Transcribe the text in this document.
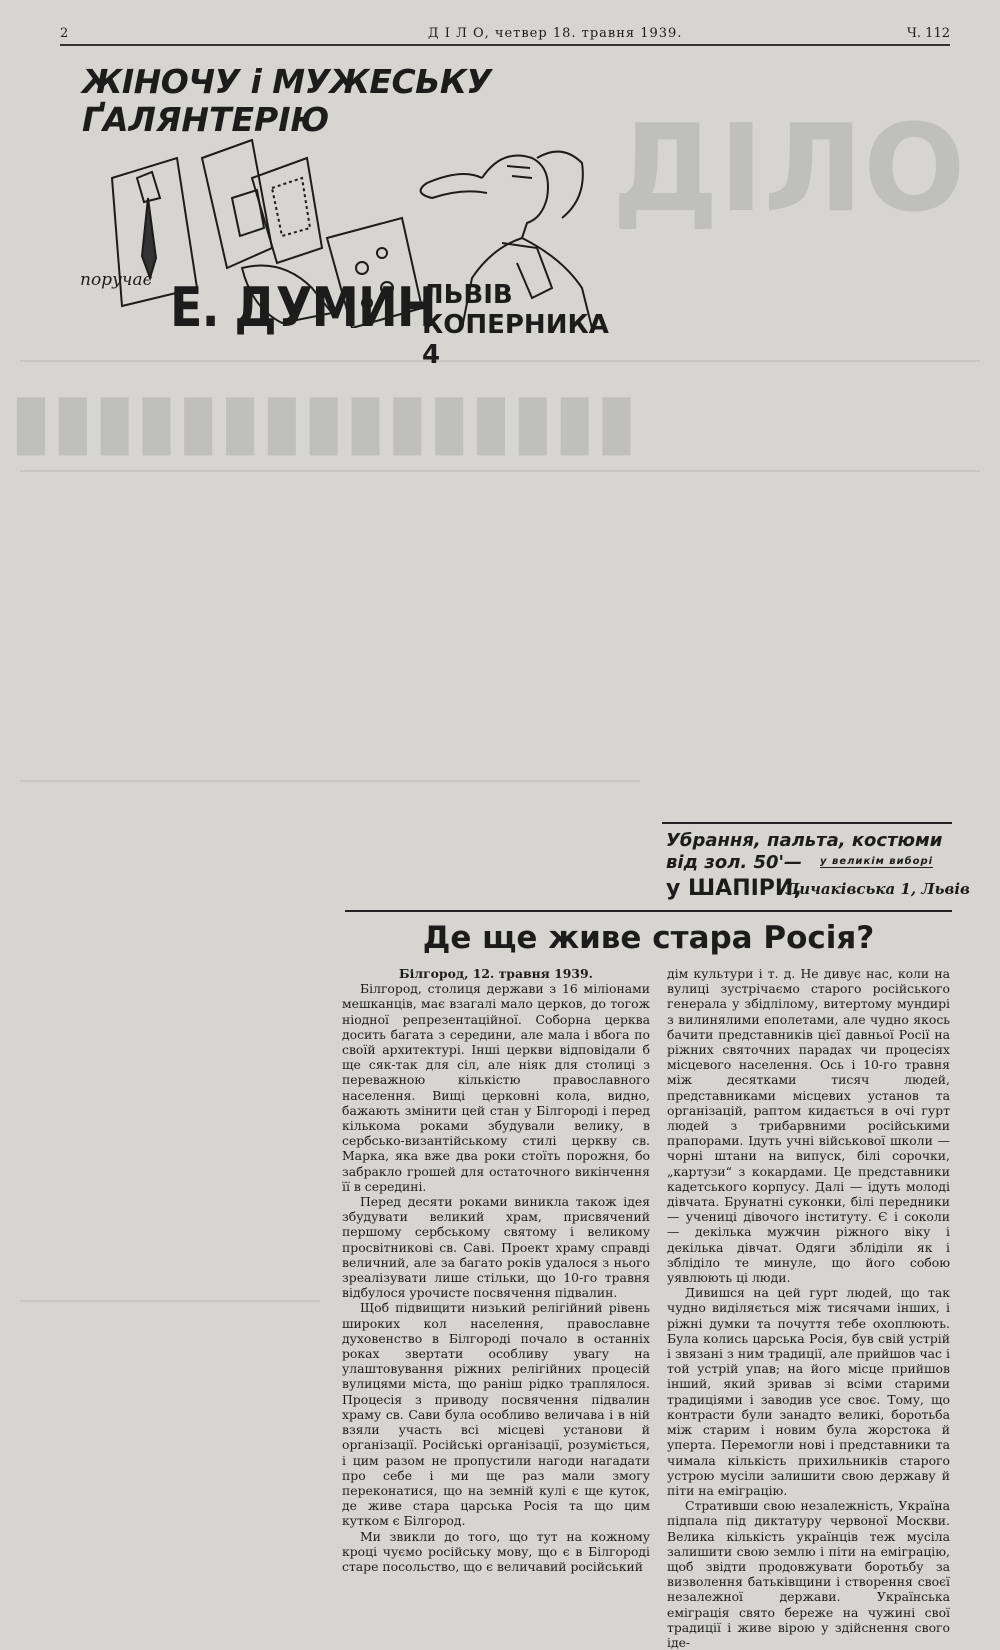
ДІЛО
▮▮▮▮▮▮▮▮▮▮▮▮▮▮▮
2	Д І Л О, четвер 18. травня 1939.	Ч. 112
ЖІНОЧУ і МУЖЕСЬКУ
ҐАЛЯНТЕРІЮ
поручає Е. ДУМИН
ЛЬВІВ
КОПЕРНИКА 4
Убрання, пальта, костюми
від зол. 50'— у великім виборі
у ШАПІРИ,
Личаківська 1, Львів
Де ще живе стара Росія?
Білгород, 12. травня 1939.

Білгород, столиця держави з 16 міліонами мешканців, має взагалі мало церков, до тогож ніодної репрезентаційної. Соборна церква досить багата з середини, але мала і вбога по своїй архитектурі. Інші церкви відповідали б ще сяк-так для сіл, але ніяк для столиці з переважною кількістю православного населення. Вищі церковні кола, видно, бажають змінити цей стан у Білгороді і перед кількома роками збудували велику, в сербсько-византійському стилі церкву св. Марка, яка вже два роки стоїть порожня, бо забракло грошей для остаточного викінчення її в середині.

Перед десяти роками виникла також ідея збудувати великий храм, присвячений першому сербському святому і великому просвітникові св. Саві. Проект храму справді величний, але за багато років удалося з нього зреалізувати лише стільки, що 10-го травня відбулося урочисте посвячення підвалин.

Щоб підвищити низький релігійний рівень широких кол населення, православне духовенство в Білгороді почало в останніх роках звертати особливу увагу на улаштовування ріжних релігійних процесій вулицями міста, що раніш рідко траплялося. Процесія з приводу посвячення підвалин храму св. Сави була особливо величава і в ній взяли участь всі місцеві установи й організації. Російські організації, розуміється, і цим разом не пропустили нагоди нагадати про себе і ми ще раз мали змогу переконатися, що на земній кулі є ще куток, де живе стара царська Росія та що цим кутком є Білгород.

Ми звикли до того, що тут на кожному кроці чуємо російську мову, що є в Білгороді старе посольство, що є величавий російський

дім культури і т. д. Не дивує нас, коли на вулиці зустрічаємо старого російського генерала у збідлілому, витертому мундирі з вилинялими еполетами, але чудно якось бачити представників цієї давньої Росії на ріжних святочних парадах чи процесіях місцевого населення. Ось і 10-го травня між десятками тисяч людей, представниками місцевих установ та організацій, раптом кидається в очі гурт людей з трибарвними російськими прапорами. Ідуть учні військової школи — чорні штани на випуск, білі сорочки, „картузи“ з кокардами. Це представники кадетського корпусу. Далі — ідуть молоді дівчата. Брунатні суконки, білі передники — учениці дівочого інституту. Є і соколи — декілька мужчин ріжного віку і декілька дівчат. Одяги збліділи як і збліділо те минуле, що його собою уявлюють ці люди.

Дивишся на цей гурт людей, що так чудно виділяється між тисячами інших, і ріжні думки та почуття тебе охоплюють. Була колись царська Росія, був свій устрій і звязані з ним традиції, але прийшов час і той устрій упав; на його місце прийшов інший, який зривав зі всіми старими традиціями і заводив усе своє. Тому, що контрасти були занадто великі, боротьба між старим і новим була жорстока й уперта. Перемогли нові і представники та чимала кількість прихильників старого устрою мусіли залишити свою державу й піти на еміграцію.

Стративши свою незалежність, Україна підпала під диктатуру червоної Москви. Велика кількість українців теж мусіла залишити свою землю і піти на еміграцію, щоб звідти продовжувати боротьбу за визволення батьківщини і створення своєї незалежної держави. Українська еміграція свято береже на чужині свої традиції і живе вірою у здійснення свого іде-
